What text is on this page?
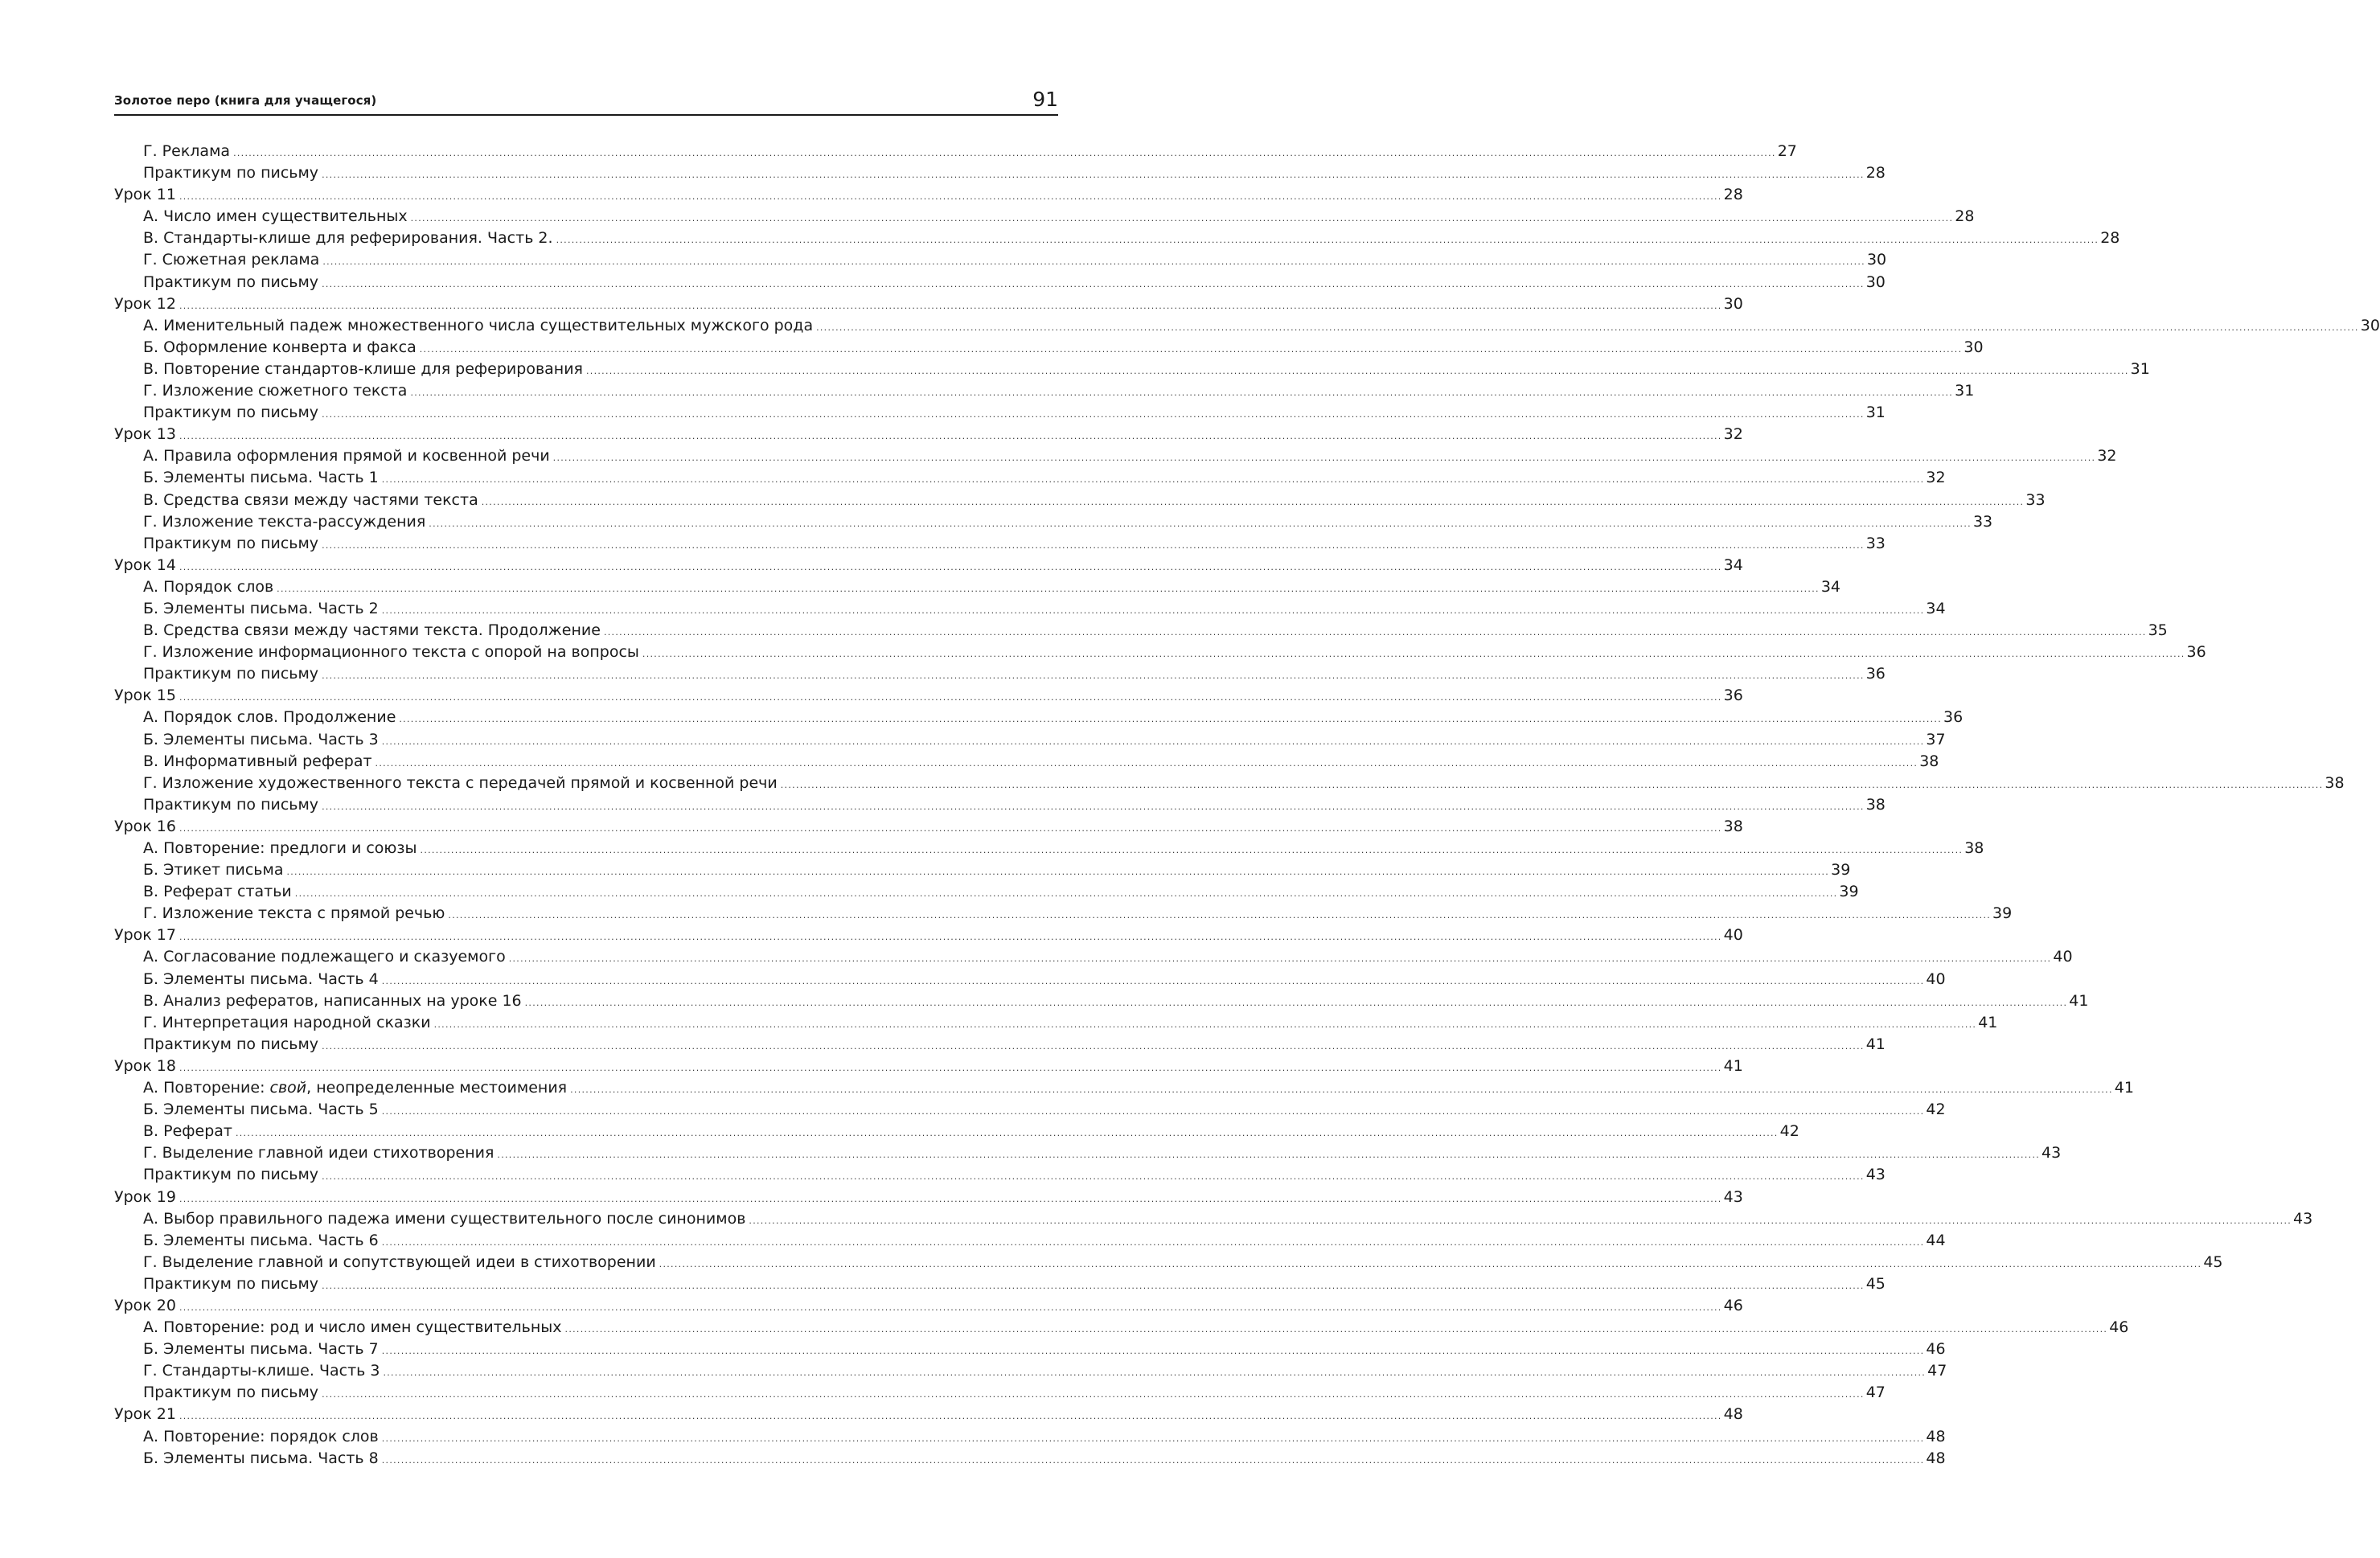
Золотое перо (книга для учащегося)	91
Г. Реклама ................................................................................................................................................................................................................................................................................................................................................................................................................ 27
Практикум по письму ................................................................................................................................................................................................................................................................................................................................................................................................................ 28
Урок 11 ................................................................................................................................................................................................................................................................................................................................................................................................................ 28
А. Число имен существительных ................................................................................................................................................................................................................................................................................................................................................................................................................ 28
В. Стандарты-клише для реферирования. Часть 2. ................................................................................................................................................................................................................................................................................................................................................................................................................ 28
Г. Сюжетная реклама ................................................................................................................................................................................................................................................................................................................................................................................................................ 30
Практикум по письму ................................................................................................................................................................................................................................................................................................................................................................................................................ 30
Урок 12 ................................................................................................................................................................................................................................................................................................................................................................................................................ 30
А. Именительный падеж множественного числа существительных мужского рода ................................................................................................................................................................................................................................................................................................................................................................................................................ 30
Б. Оформление конверта и факса ................................................................................................................................................................................................................................................................................................................................................................................................................ 30
В. Повторение стандартов-клише для реферирования ................................................................................................................................................................................................................................................................................................................................................................................................................ 31
Г. Изложение сюжетного текста ................................................................................................................................................................................................................................................................................................................................................................................................................ 31
Практикум по письму ................................................................................................................................................................................................................................................................................................................................................................................................................ 31
Урок 13 ................................................................................................................................................................................................................................................................................................................................................................................................................ 32
А. Правила оформления прямой и косвенной речи ................................................................................................................................................................................................................................................................................................................................................................................................................ 32
Б. Элементы письма. Часть 1 ................................................................................................................................................................................................................................................................................................................................................................................................................ 32
В. Средства связи между частями текста ................................................................................................................................................................................................................................................................................................................................................................................................................ 33
Г. Изложение текста-рассуждения ................................................................................................................................................................................................................................................................................................................................................................................................................ 33
Практикум по письму ................................................................................................................................................................................................................................................................................................................................................................................................................ 33
Урок 14 ................................................................................................................................................................................................................................................................................................................................................................................................................ 34
А. Порядок слов ................................................................................................................................................................................................................................................................................................................................................................................................................ 34
Б. Элементы письма. Часть 2 ................................................................................................................................................................................................................................................................................................................................................................................................................ 34
В. Средства связи между частями текста. Продолжение ................................................................................................................................................................................................................................................................................................................................................................................................................ 35
Г. Изложение информационного текста с опорой на вопросы ................................................................................................................................................................................................................................................................................................................................................................................................................ 36
Практикум по письму ................................................................................................................................................................................................................................................................................................................................................................................................................ 36
Урок 15 ................................................................................................................................................................................................................................................................................................................................................................................................................ 36
А. Порядок слов. Продолжение ................................................................................................................................................................................................................................................................................................................................................................................................................ 36
Б. Элементы письма. Часть 3 ................................................................................................................................................................................................................................................................................................................................................................................................................ 37
В. Информативный реферат ................................................................................................................................................................................................................................................................................................................................................................................................................ 38
Г. Изложение художественного текста с передачей прямой и косвенной речи ................................................................................................................................................................................................................................................................................................................................................................................................................ 38
Практикум по письму ................................................................................................................................................................................................................................................................................................................................................................................................................ 38
Урок 16 ................................................................................................................................................................................................................................................................................................................................................................................................................ 38
А. Повторение: предлоги и союзы ................................................................................................................................................................................................................................................................................................................................................................................................................ 38
Б. Этикет письма ................................................................................................................................................................................................................................................................................................................................................................................................................ 39
В. Реферат статьи ................................................................................................................................................................................................................................................................................................................................................................................................................ 39
Г. Изложение текста с прямой речью ................................................................................................................................................................................................................................................................................................................................................................................................................ 39
Урок 17 ................................................................................................................................................................................................................................................................................................................................................................................................................ 40
А. Согласование подлежащего и сказуемого ................................................................................................................................................................................................................................................................................................................................................................................................................ 40
Б. Элементы письма. Часть 4 ................................................................................................................................................................................................................................................................................................................................................................................................................ 40
В. Анализ рефератов, написанных на уроке 16 ................................................................................................................................................................................................................................................................................................................................................................................................................ 41
Г. Интерпретация народной сказки ................................................................................................................................................................................................................................................................................................................................................................................................................ 41
Практикум по письму ................................................................................................................................................................................................................................................................................................................................................................................................................ 41
Урок 18 ................................................................................................................................................................................................................................................................................................................................................................................................................ 41
А. Повторение: свой, неопределенные местоимения ................................................................................................................................................................................................................................................................................................................................................................................................................ 41
Б. Элементы письма. Часть 5 ................................................................................................................................................................................................................................................................................................................................................................................................................ 42
В. Реферат ................................................................................................................................................................................................................................................................................................................................................................................................................ 42
Г. Выделение главной идеи стихотворения ................................................................................................................................................................................................................................................................................................................................................................................................................ 43
Практикум по письму ................................................................................................................................................................................................................................................................................................................................................................................................................ 43
Урок 19 ................................................................................................................................................................................................................................................................................................................................................................................................................ 43
А. Выбор правильного падежа имени существительного после синонимов ................................................................................................................................................................................................................................................................................................................................................................................................................ 43
Б. Элементы письма. Часть 6 ................................................................................................................................................................................................................................................................................................................................................................................................................ 44
Г. Выделение главной и сопутствующей идеи в стихотворении ................................................................................................................................................................................................................................................................................................................................................................................................................ 45
Практикум по письму ................................................................................................................................................................................................................................................................................................................................................................................................................ 45
Урок 20 ................................................................................................................................................................................................................................................................................................................................................................................................................ 46
А. Повторение: род и число имен существительных ................................................................................................................................................................................................................................................................................................................................................................................................................ 46
Б. Элементы письма. Часть 7 ................................................................................................................................................................................................................................................................................................................................................................................................................ 46
Г. Стандарты-клише. Часть 3 ................................................................................................................................................................................................................................................................................................................................................................................................................ 47
Практикум по письму ................................................................................................................................................................................................................................................................................................................................................................................................................ 47
Урок 21 ................................................................................................................................................................................................................................................................................................................................................................................................................ 48
А. Повторение: порядок слов ................................................................................................................................................................................................................................................................................................................................................................................................................ 48
Б. Элементы письма. Часть 8 ................................................................................................................................................................................................................................................................................................................................................................................................................ 48
